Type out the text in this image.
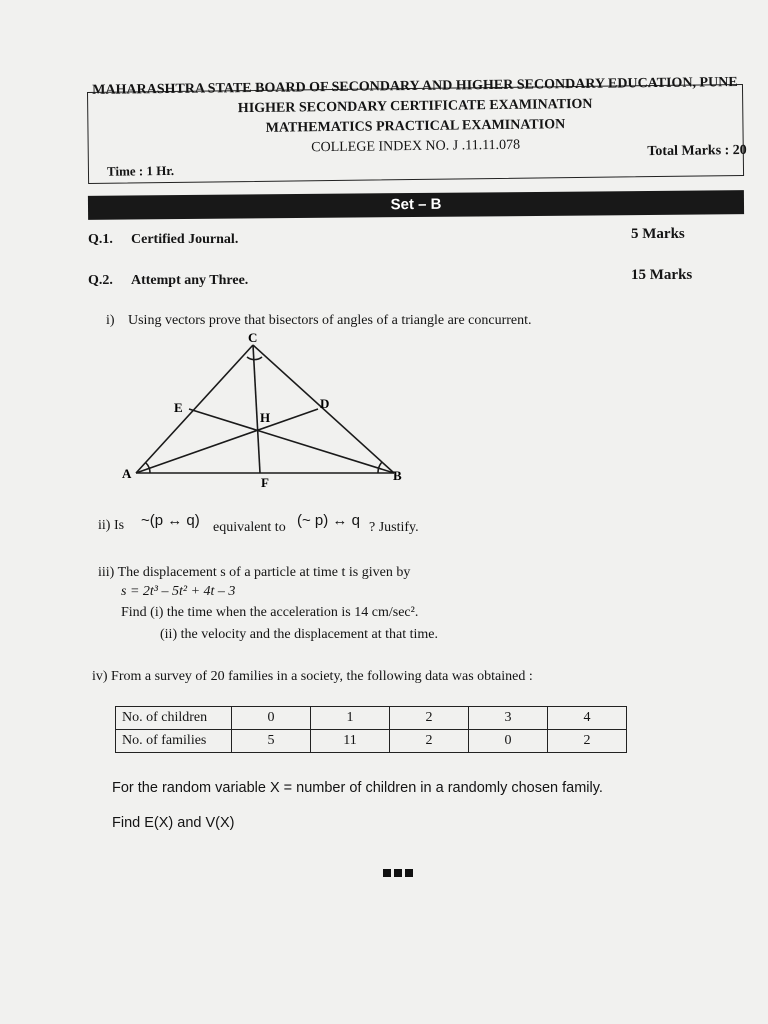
MAHARASHTRA STATE BOARD OF SECONDARY AND HIGHER SECONDARY EDUCATION, PUNE
HIGHER SECONDARY CERTIFICATE EXAMINATION
MATHEMATICS PRACTICAL EXAMINATION
COLLEGE INDEX NO. J .11.11.078
Time : 1 Hr.
Total Marks : 20
Set – B
Q.1. Certified Journal.	5 Marks
Q.2. Attempt any Three.	15 Marks
i) Using vectors prove that bisectors of angles of a triangle are concurrent.
C
D
E
H
A	B
F
ii) Is ~(p ↔ q) equivalent to (~ p) ↔ q ? Justify.
iii) The displacement s of a particle at time t is given by
s = 2t³ – 5t² + 4t – 3
Find (i) the time when the acceleration is 14 cm/sec².
(ii) the velocity and the displacement at that time.
iv) From a survey of 20 families in a society, the following data was obtained :
No. of children	0	1	2	3	4
No. of families	5	11	2	0	2
For the random variable X = number of children in a randomly chosen family.
Find E(X) and V(X)
